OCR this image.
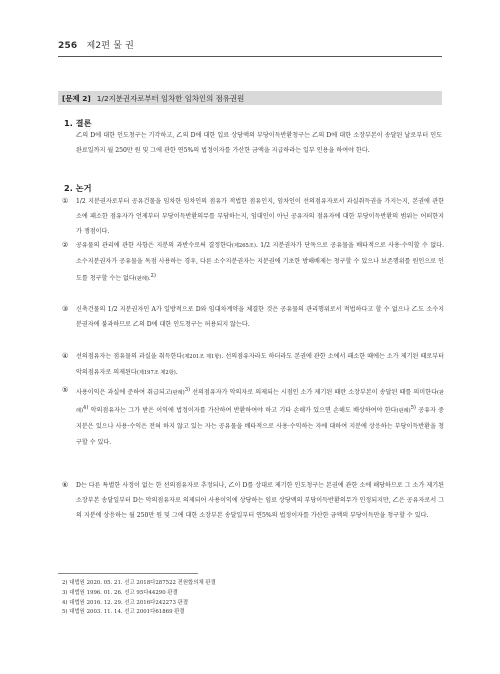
256 제2편 물 권
[문제 2] 1/2지분권자로부터 임차한 임차인의 점유권원
1. 결론
乙의 D에 대한 인도청구는 기각하고, 乙의 D에 대한 입료 상당액의 부당이득반환청구는 乙의 D에 대한 소장부본이 송달된 날로부터 인도완료일까지 월 250만 원 및 그에 관한 연5%의 법정이자를 가산한 금액을 지급하라는 일부 인용을 하여야 한다.
2. 논거
①	1/2 지분권자로부터 공유건물을 임차한 임차인의 점유가 적법한 점유인지, 임차인이 선의점유자로서 과실취득권을 가지는지, 본권에 관한 소에 패소한 점유자가 언제부터 부당이득반환의무를 부담하는지, 임대인이 아닌 공유자의 점유자에 대한 부당이득반환의 범위는 어떠한지가 쟁점이다.
②	공유물의 관리에 관한 사항은 지분의 과반수로써 결정한다(제265조). 1/2 지분권자가 단독으로 공유물을 배타적으로 사용·수익할 수 없다. 소수지분권자가 공유물을 독점 사용하는 경우, 다른 소수지분권자는 지분권에 기초한 방해배제는 청구할 수 있으나 보존행위를 원인으로 인도를 청구할 수는 없다(판례).$^{2)}$
③	신축건물의 1/2 지분권자인 A가 일방적으로 D와 임대차계약을 체결한 것은 공유물의 관리행위로서 적법하다고 할 수 없으나 乙도 소수지분권자에 불과하므로 乙의 D에 대한 인도청구는 허용되지 않는다.
④	선의점유자는 점유물의 과실을 취득한다(제201조 제1항). 선의점유자라도 하더라도 본권에 관한 소에서 패소한 때에는 소가 제기된 때로부터 악의점유자로 의제된다(제197조 제2항).
⑤	사용이익은 과실에 준하여 취급되고(판례)$^{3)}$ 선의점유자가 악의자로 의제되는 시점인 소가 제기된 때란 소장부본이 송달된 때를 의미한다(판례)$^{4)}$ 악의점유자는 그가 받은 이익에 법정이자를 가산하여 반환하여야 하고 기타 손해가 있으면 손해도 배상하여야 한다(판례)$^{5)}$ 공유자 중 지분은 있으나 사용·수익은 전혀 하지 않고 있는 자는 공유물을 배타적으로 사용·수익하는 자에 대하여 지분에 상응하는 부당이득반환을 청구할 수 있다.
⑥	D는 다른 특별한 사정이 없는 한 선의점유자로 추정되나, 乙이 D를 상대로 제기한 인도청구는 본권에 관한 소에 해당하므로 그 소가 제기된 소장부본 송달일부터 D는 악의점유자로 의제되어 사용이익에 상당하는 임료 상당액의 부당이득반환의무가 인정되지만, 乙은 공유자로서 그의 지분에 상응하는 월 250만 원 및 그에 대한 소장부본 송달일부터 연5%의 법정이자를 가산한 금액의 부당이득만을 청구할 수 있다.
2) 대법원 2020. 05. 21. 선고 2018다287522 전원합의체 판결
3) 대법원 1996. 01. 26. 선고 95다44290 판결
4) 대법원 2016. 12. 29. 선고 2016다242273 판결
5) 대법원 2003. 11. 14. 선고 2001다61869 판결
